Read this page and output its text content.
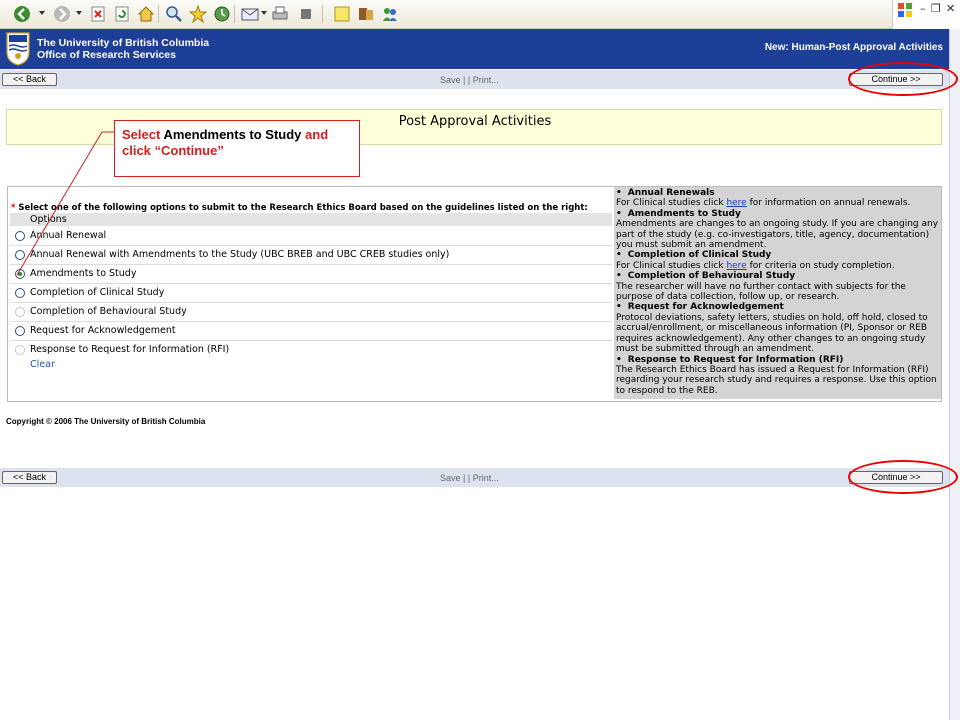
– ❐ ✕
The University of British Columbia
Office of Research Services
New: Human-Post Approval Activities
<< Back	Save | | Print...	Continue >>
Post Approval Activities
* Select one of the following options to submit to the Research Ethics Board based on the guidelines listed on the right:
Options
Annual Renewal
Annual Renewal with Amendments to the Study (UBC BREB and UBC CREB studies only)
Amendments to Study
Completion of Clinical Study
Completion of Behavioural Study
Request for Acknowledgement
Response to Request for Information (RFI)
Clear
• Annual Renewals
For Clinical studies click here for information on annual renewals.
• Amendments to Study
Amendments are changes to an ongoing study. If you are changing any part of the study (e.g. co-investigators, title, agency, documentation) you must submit an amendment.
• Completion of Clinical Study
For Clinical studies click here for criteria on study completion.
• Completion of Behavioural Study
The researcher will have no further contact with subjects for the purpose of data collection, follow up, or research.
• Request for Acknowledgement
Protocol deviations, safety letters, studies on hold, off hold, closed to accrual/enrollment, or miscellaneous information (PI, Sponsor or REB requires acknowledgement). Any other changes to an ongoing study must be submitted through an amendment.
• Response to Request for Information (RFI)
The Research Ethics Board has issued a Request for Information (RFI) regarding your research study and requires a response. Use this option to respond to the REB.
Select Amendments to Study and click “Continue”
Copyright © 2006 The University of British Columbia
<< Back	Save | | Print...	Continue >>
